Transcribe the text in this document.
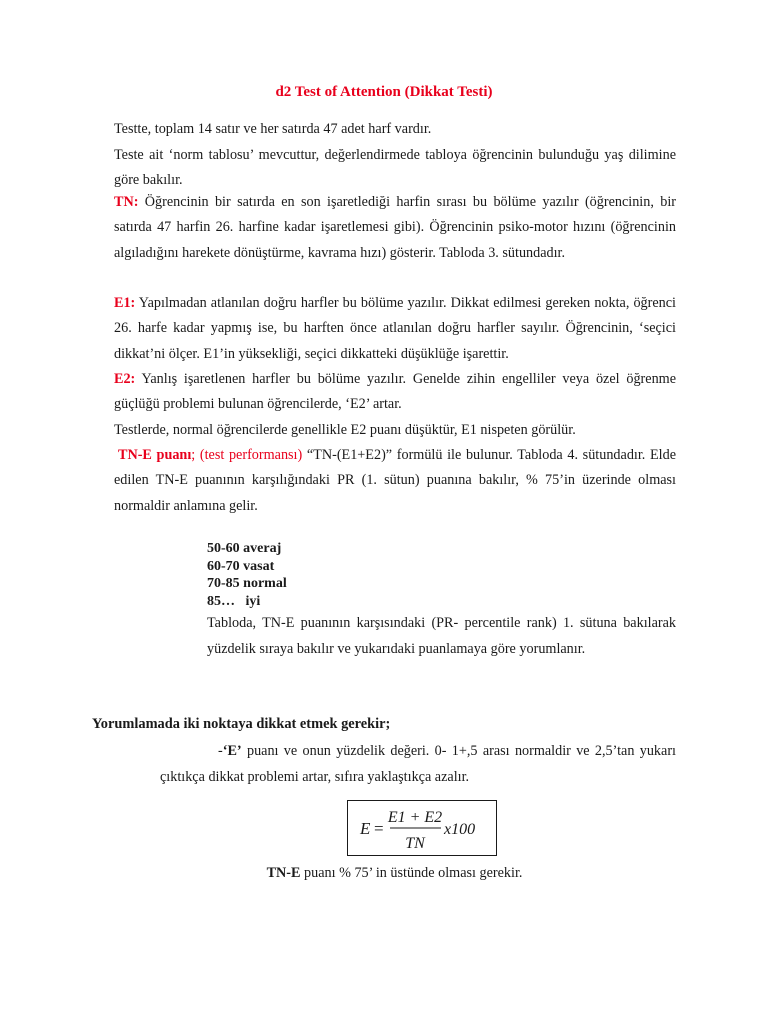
d2 Test of Attention (Dikkat Testi)

Testte, toplam 14 satır ve her satırda 47 adet harf vardır.

Teste ait ‘norm tablosu’ mevcuttur, değerlendirmede tabloya öğrencinin bulunduğu yaş dilimine göre bakılır.

TN: Öğrencinin bir satırda en son işaretlediği harfin sırası bu bölüme yazılır (öğrencinin, bir satırda 47 harfin 26. harfine kadar işaretlemesi gibi). Öğrencinin psiko-motor hızını (öğrencinin algıladığını harekete dönüştürme, kavrama hızı) gösterir. Tabloda 3. sütundadır.

E1: Yapılmadan atlanılan doğru harfler bu bölüme yazılır. Dikkat edilmesi gereken nokta, öğrenci 26. harfe kadar yapmış ise, bu harften önce atlanılan doğru harfler sayılır. Öğrencinin, ‘seçici dikkat’ni ölçer. E1’in yüksekliği, seçici dikkatteki düşüklüğe işarettir.

E2: Yanlış işaretlenen harfler bu bölüme yazılır. Genelde zihin engelliler veya özel öğrenme güçlüğü problemi bulunan öğrencilerde, ‘E2’ artar.

Testlerde, normal öğrencilerde genellikle E2 puanı düşüktür, E1 nispeten görülür.

TN-E puanı; (test performansı) “TN-(E1+E2)” formülü ile bulunur. Tabloda 4. sütundadır. Elde edilen TN-E puanının karşılığındaki PR (1. sütun) puanına bakılır, % 75’in üzerinde olması normaldir anlamına gelir.

50-60 averaj
60-70 vasat
70-85 normal
85…   iyi

Tabloda, TN-E puanının karşısındaki (PR- percentile rank) 1. sütuna bakılarak yüzdelik sıraya bakılır ve yukarıdaki puanlamaya göre yorumlanır.

Yorumlamada iki noktaya dikkat etmek gerekir;

-‘E’ puanı ve onun yüzdelik değeri. 0- 1+,5 arası normaldir ve 2,5’tan yukarı çıktıkça dikkat problemi artar, sıfıra yaklaştıkça azalır.

E =
E1 + E2
TN
x100
TN-E puanı % 75’ in üstünde olması gerekir.
